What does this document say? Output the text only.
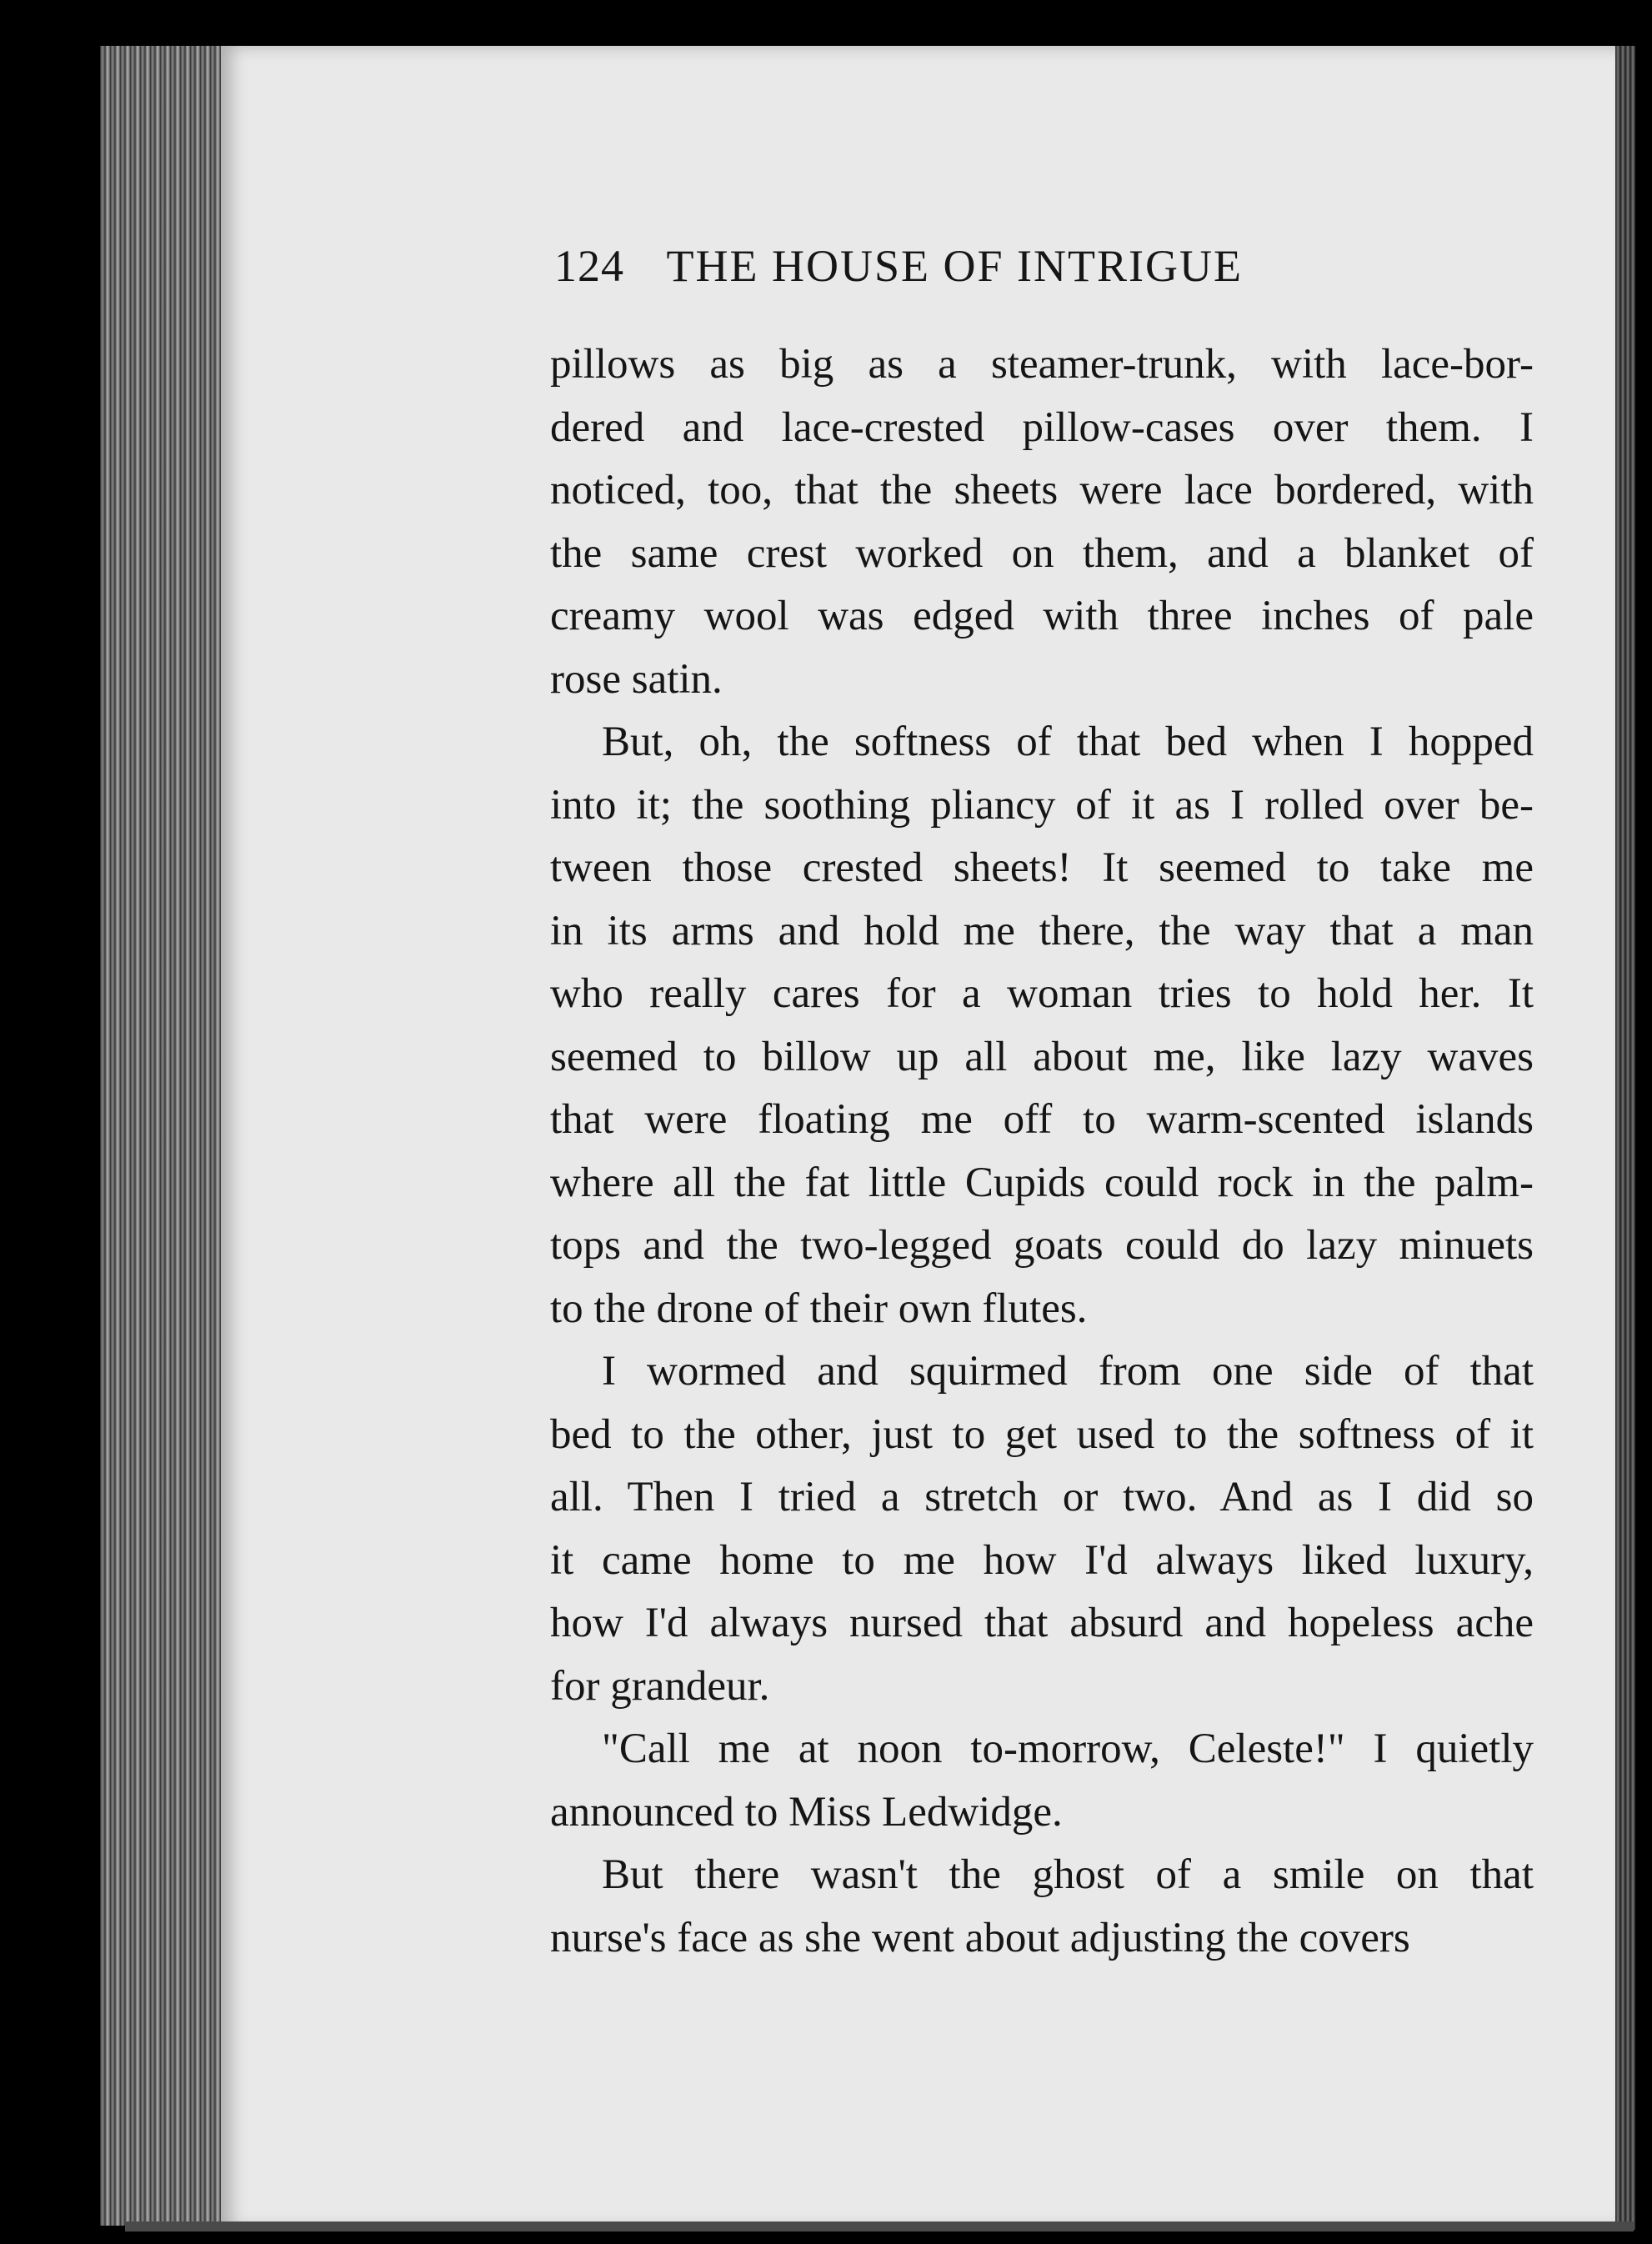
124 THE HOUSE OF INTRIGUE
pillows as big as a steamer-trunk, with lace-bor-
dered and lace-crested pillow-cases over them. I
noticed, too, that the sheets were lace bordered, with
the same crest worked on them, and a blanket of
creamy wool was edged with three inches of pale
rose satin.
But, oh, the softness of that bed when I hopped
into it; the soothing pliancy of it as I rolled over be-
tween those crested sheets! It seemed to take me
in its arms and hold me there, the way that a man
who really cares for a woman tries to hold her. It
seemed to billow up all about me, like lazy waves
that were floating me off to warm-scented islands
where all the fat little Cupids could rock in the palm-
tops and the two-legged goats could do lazy minuets
to the drone of their own flutes.
I wormed and squirmed from one side of that
bed to the other, just to get used to the softness of it
all. Then I tried a stretch or two. And as I did so
it came home to me how I'd always liked luxury,
how I'd always nursed that absurd and hopeless ache
for grandeur.
"Call me at noon to-morrow, Celeste!" I quietly
announced to Miss Ledwidge.
But there wasn't the ghost of a smile on that
nurse's face as she went about adjusting the covers
